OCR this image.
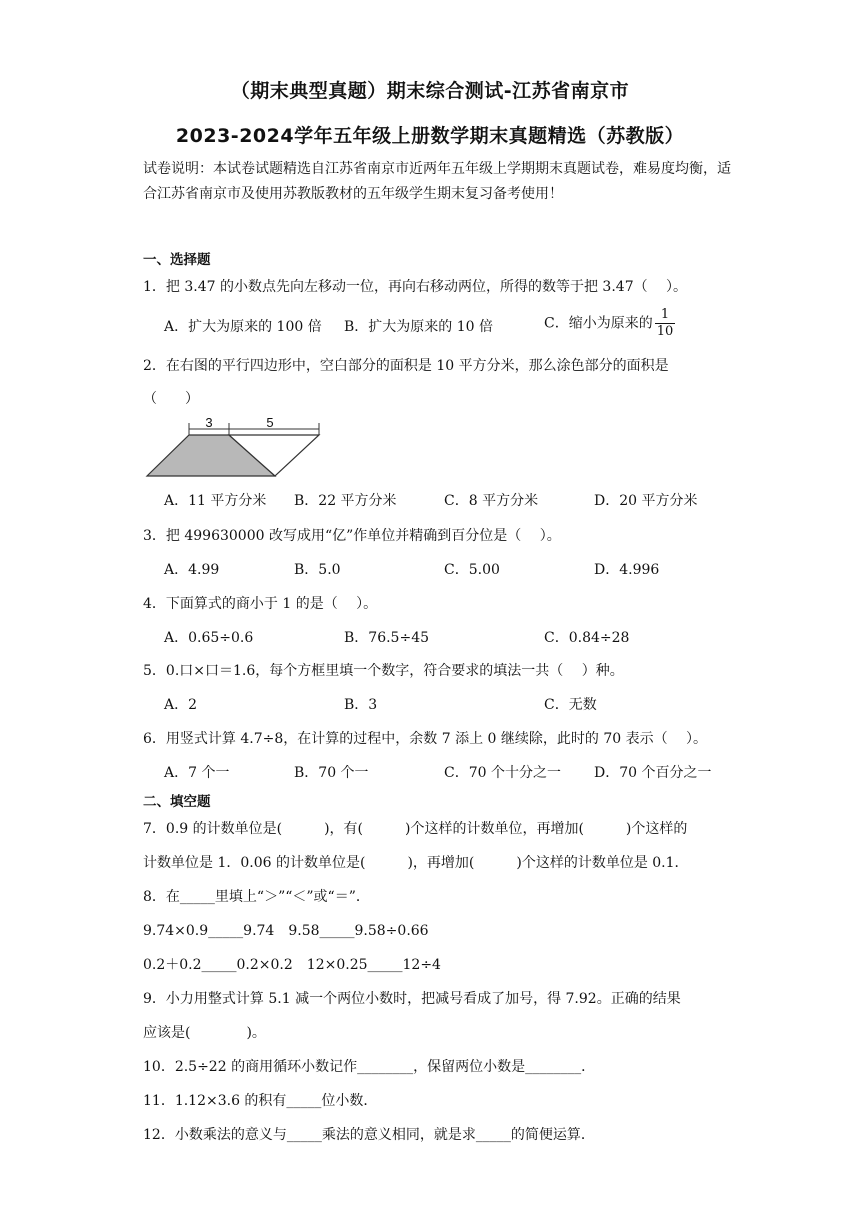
（期末典型真题）期末综合测试-江苏省南京市
2023-2024学年五年级上册数学期末真题精选（苏教版）
试卷说明：本试卷试题精选自江苏省南京市近两年五年级上学期期末真题试卷，难易度均衡，适合江苏省南京市及使用苏教版教材的五年级学生期末复习备考使用！
一、选择题
1．把 3.47 的小数点先向左移动一位，再向右移动两位，所得的数等于把 3.47（　 ）。
A．扩大为原来的 100 倍 B．扩大为原来的 10 倍	C．缩小为原来的 $\frac{1}{10}$
2．在右图的平行四边形中，空白部分的面积是 10 平方分米，那么涂色部分的面积是
（　　）
3	5
A．11 平方分米 B．22 平方分米	C．8 平方分米	D．20 平方分米
3．把 499630000 改写成用“亿”作单位并精确到百分位是（　 ）。
A．4.99	B．5.0	C．5.00	D．4.996
4．下面算式的商小于 1 的是（　 ）。
A．0.65÷0.6	B．76.5÷45	C．0.84÷28
5．0.口×口＝1.6，每个方框里填一个数字，符合要求的填法一共（　 ）种。
A．2	B．3	C．无数
6．用竖式计算 4.7÷8，在计算的过程中，余数 7 添上 0 继续除，此时的 70 表示（　 ）。
A．7 个一	B．70 个一	C．70 个十分之一 D．70 个百分之一
二、填空题
7．0.9 的计数单位是(　　　)，有(　　　)个这样的计数单位，再增加(　　　)个这样的
计数单位是 1．0.06 的计数单位是(　　　)，再增加(　　　)个这样的计数单位是 0.1．
8．在_____里填上“＞”“＜”或“＝”．
9.74×0.9_____9.74　9.58_____9.58÷0.66
0.2＋0.2_____0.2×0.2　12×0.25_____12÷4
9．小力用整式计算 5.1 减一个两位小数时，把减号看成了加号，得 7.92。正确的结果
应该是(　　　　)。
10．2.5÷22 的商用循环小数记作________，保留两位小数是________．
11．1.12×3.6 的积有_____位小数．
12．小数乘法的意义与_____乘法的意义相同，就是求_____的简便运算．
